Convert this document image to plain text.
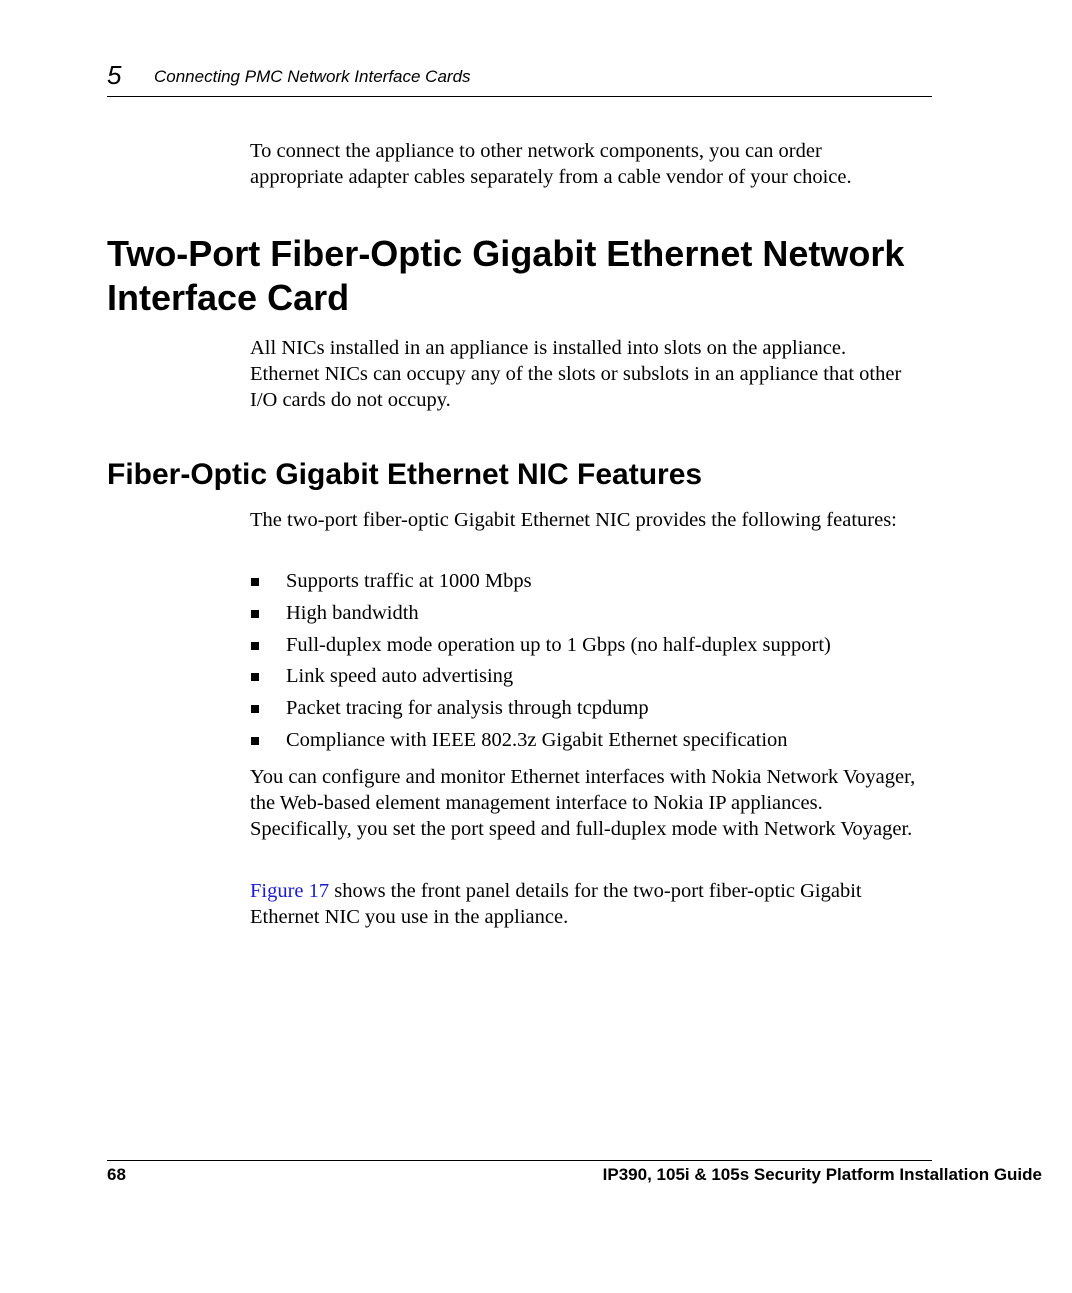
5 Connecting PMC Network Interface Cards

To connect the appliance to other network components, you can order appropriate adapter cables separately from a cable vendor of your choice.

Two-Port Fiber-Optic Gigabit Ethernet Network Interface Card

All NICs installed in an appliance is installed into slots on the appliance. Ethernet NICs can occupy any of the slots or subslots in an appliance that other I/O cards do not occupy.

Fiber-Optic Gigabit Ethernet NIC Features

The two-port fiber-optic Gigabit Ethernet NIC provides the following features:

Supports traffic at 1000 Mbps
High bandwidth
Full-duplex mode operation up to 1 Gbps (no half-duplex support)
Link speed auto advertising
Packet tracing for analysis through tcpdump
Compliance with IEEE 802.3z Gigabit Ethernet specification

You can configure and monitor Ethernet interfaces with Nokia Network Voyager, the Web-based element management interface to Nokia IP appliances. Specifically, you set the port speed and full-duplex mode with Network Voyager.

Figure 17 shows the front panel details for the two-port fiber-optic Gigabit Ethernet NIC you use in the appliance.

68	IP390, 105i & 105s Security Platform Installation Guide
